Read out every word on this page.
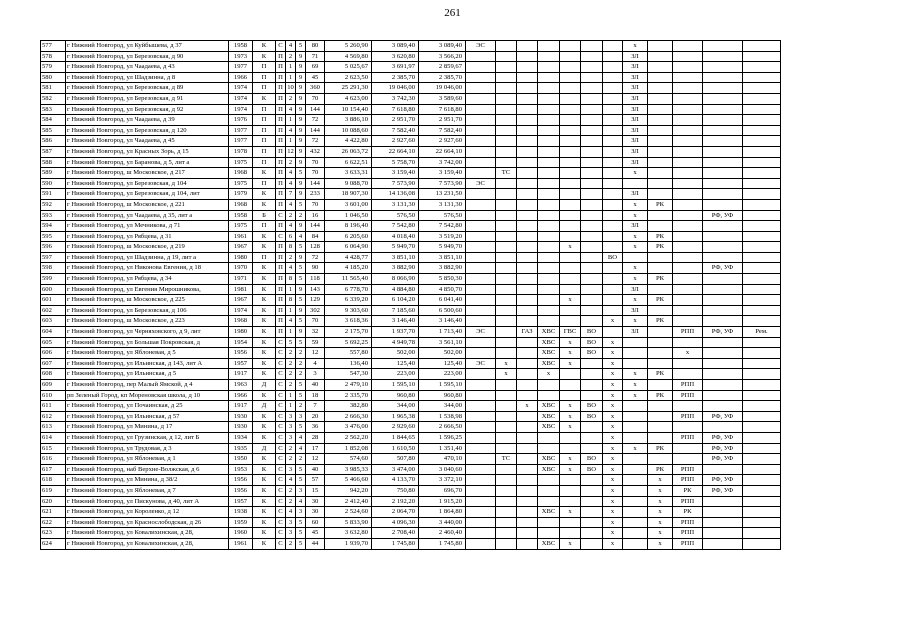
261
577	г Нижний Новгород, ул Куйбышева, д 37	1958	К	С	4	5	80	5 260,90	3 089,40	3 089,40	ЭС							х				
578	г Нижний Новгород, ул Березовская, д 90	1973	К	П	2	9	71	4 569,80	3 620,80	3 566,20								ЗЛ				
579	г Нижний Новгород, ул Чаадаева, д 43	1977	П	П	1	9	69	5 025,67	3 691,97	2 859,67								ЗЛ				
580	г Нижний Новгород, ул Шадзинна, д 8	1966	П	П	1	9	45	2 623,50	2 385,70	2 385,70								ЗЛ				
581	г Нижний Новгород, ул Березовская, д 89	1974	П	П	10	9	360	25 291,30	19 046,00	19 046,00								ЗЛ				
582	г Нижний Новгород, ул Березовская, д 91	1974	К	П	2	9	70	4 623,00	3 742,30	3 589,60								ЗЛ				
583	г Нижний Новгород, ул Березовская, д 92	1974	П	П	4	9	144	10 154,40	7 618,80	7 618,80								ЗЛ				
584	г Нижний Новгород, ул Чаадаева, д 39	1976	П	П	1	9	72	3 886,10	2 951,70	2 951,70								ЗЛ				
585	г Нижний Новгород, ул Березовская, д 120	1977	П	П	4	9	144	10 088,60	7 582,40	7 582,40								ЗЛ				
586	г Нижний Новгород, ул Чаадаева, д 45	1977	П	П	1	9	72	4 422,80	2 927,60	2 927,60								ЗЛ				
587	г Нижний Новгород, ул Красных Зорь, д 15	1978	П	П	12	9	432	26 063,72	22 664,10	22 664,10								ЗЛ				
588	г Нижний Новгород, ул Баранова, д 5, лит а	1975	П	П	2	9	70	6 622,51	5 758,70	3 742,00								ЗЛ				
589	г Нижний Новгород, ш Московское, д 217	1968	К	П	4	5	70	3 633,31	3 159,40	3 159,40		ТС						х				
590	г Нижний Новгород, ул Березовская, д 104	1975	П	П	4	9	144	9 088,70	7 573,90	7 573,90	ЭС											
591	г Нижний Новгород, ул Березовская, д 104, лит	1979	К	П	7	9	233	18 907,30	14 136,08	13 231,50								ЗЛ				
592	г Нижний Новгород, ш Московское, д 221	1968	К	П	4	5	70	3 601,00	3 131,30	3 131,30								х	РК			
593	г Нижний Новгород, ул Чаадаева, д 35, лит а	1958	Б	С	2	2	16	1 046,50	576,50	576,50								х			РФ, УФ	
594	г Нижний Новгород, ул Мечникова, д 71	1975	П	П	4	9	144	8 196,40	7 542,80	7 542,80								ЗЛ				
595	г Нижний Новгород, ул Рябцева, д 31	1961	К	С	6	4	84	6 205,60	4 018,40	3 519,20								х	РК			
596	г Нижний Новгород, ш Московское, д 219	1967	К	П	8	5	128	6 064,90	5 949,70	5 949,70					х			х	РК			
597	г Нижний Новгород, ул Шадзинна, д 19, лит а	1980	П	П	2	9	72	4 428,77	3 851,10	3 851,10							ВО					
598	г Нижний Новгород, ул Никонова Евгения, д 18	1970	К	П	4	5	90	4 185,20	3 882,90	3 882,90								х			РФ, УФ	
599	г Нижний Новгород, ул Рябцева, д 34	1971	К	П	8	5	118	11 565,40	8 066,90	5 850,30								х	РК			
600	г Нижний Новгород, ул Евгения Мирошникова,	1981	К	П	1	9	143	6 778,70	4 884,80	4 850,70								ЗЛ				
601	г Нижний Новгород, ш Московское, д 225	1967	К	П	8	5	129	6 339,20	6 104,20	6 041,40					х			х	РК			
602	г Нижний Новгород, ул Березовская, д 106	1974	К	П	1	9	302	9 303,60	7 185,60	6 500,60								ЗЛ				
603	г Нижний Новгород, ш Московское, д 223	1968	К	П	4	5	70	3 618,36	3 146,40	3 146,40							х	х	РК			
604	г Нижний Новгород, ул Черняховского, д 9, лит	1980	К	П	1	9	32	2 175,70	1 937,70	1 713,40	ЭС		ГАЗ	ХВС	ГВС	ВО		ЗЛ		РПП	РФ, УФ	Рем.
605	г Нижний Новгород, ул Большая Покровская, д	1954	К	С	5	5	59	5 692,25	4 949,78	3 561,10				ХВС	х	ВО	х					
606	г Нижний Новгород, ул Яблоневая, д 5	1956	К	С	2	2	12	557,80	502,00	502,00				ХВС	х	ВО	х			х		
607	г Нижний Новгород, ул Ильинская, д 143, лит А	1957	К	С	2	2	4	136,40	125,40	125,40	ЭС	х		ХВС	х		х					
608	г Нижний Новгород, ул Ильинская, д 5	1917	К	С	2	2	3	547,30	223,00	223,00		х		х			х	х	РК			
609	г Нижний Новгород, пер Малый Ямской, д 4	1963	Д	С	2	5	40	2 479,10	1 595,10	1 595,10							х	х		РПП		
610	рп Зеленый Город, кп Мореновская школа, д 10	1966	К	С	1	5	18	2 335,70	960,80	960,80							х	х	РК	РПП		
611	г Нижний Новгород, ул Почаинская, д 25	1917	Д	С	1	2	7	382,80	344,00	344,00			х	ХВС	х	ВО	х					
612	г Нижний Новгород, ул Ильинская, д 57	1930	К	С	3	3	20	2 666,30	1 965,38	1 538,98				ХВС	х	ВО	х			РПП	РФ, УФ	
613	г Нижний Новгород, ул Минина, д 17	1930	К	С	3	5	36	3 476,00	2 929,60	2 666,50				ХВС	х		х					
614	г Нижний Новгород, ул Грузинская, д 12, лит Б	1934	К	С	3	4	28	2 562,20	1 844,65	1 596,25							х			РПП	РФ, УФ	
615	г Нижний Новгород, ул Трудовая, д 3	1935	Д	С	2	4	17	1 852,08	1 610,50	1 351,40							х	х	РК		РФ, УФ	
616	г Нижний Новгород, ул Яблоневая, д 1	1950	К	С	2	2	12	574,60	507,80	470,10		ТС		ХВС	х	ВО	х				РФ, УФ	
617	г Нижний Новгород, наб Верхне-Волжская, д 6	1953	К	С	3	5	40	3 985,33	3 474,00	3 040,60				ХВС	х	ВО	х		РК	РПП		
618	г Нижний Новгород, ул Минина, д 38/2	1956	К	С	4	5	57	5 466,60	4 133,70	3 372,10							х		х	РПП	РФ, УФ	
619	г Нижний Новгород, ул Яблоневая, д 7	1956	К	С	2	3	15	942,20	750,80	696,70							х		х	РК	РФ, УФ	
620	г Нижний Новгород, ул Пискунова, д 40, лит А	1957	К	С	2	4	30	2 412,40	2 192,20	1 915,20							х		х	РПП		
621	г Нижний Новгород, ул Короленко, д 12	1938	К	С	4	3	30	2 524,60	2 064,70	1 864,80				ХВС	х		х		х	РК		
622	г Нижний Новгород, ул Краснослободская, д 26	1959	К	С	3	5	60	5 833,90	4 096,30	3 440,00							х		х	РПП		
623	г Нижний Новгород, ул Ковалихинская, д 28,	1960	К	С	3	5	45	3 632,80	2 708,40	2 460,40							х		х	РПП		
624	г Нижний Новгород, ул Ковалихинская, д 28,	1961	К	С	2	5	44	1 939,70	1 745,80	1 745,80				ХВС	х		х		х	РПП		
